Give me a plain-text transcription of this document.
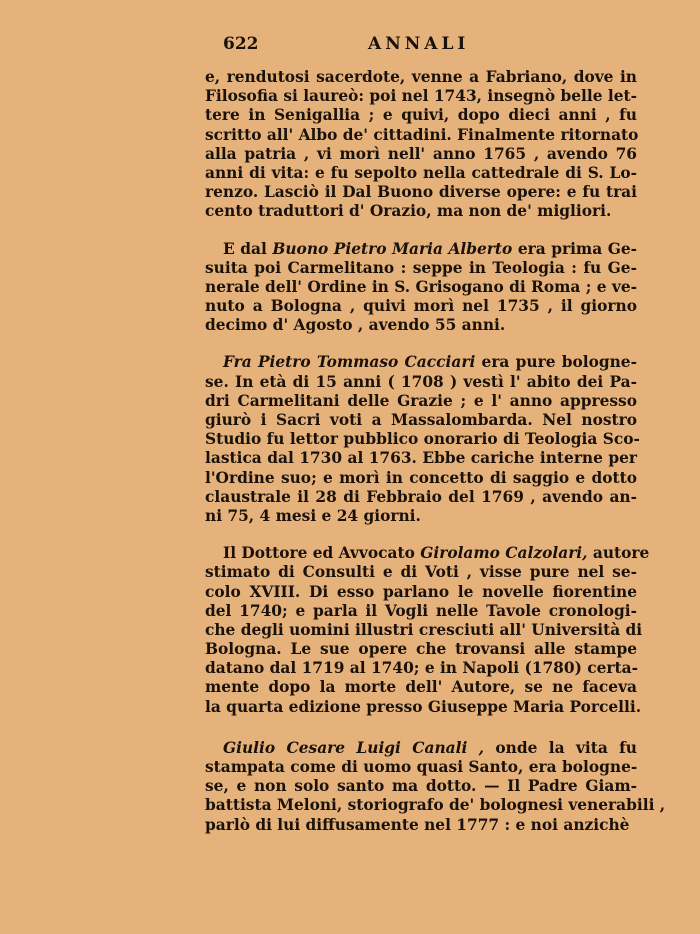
622	ANNALI
e, rendutosi sacerdote, venne a Fabriano, dove in
Filosofia si laureò: poi nel 1743, insegnò belle let-
tere in Senigallia ; e quivi, dopo dieci anni , fu
scritto all' Albo de' cittadini. Finalmente ritornato
alla patria , vi morì nell' anno 1765 , avendo 76
anni di vita: e fu sepolto nella cattedrale di S. Lo-
renzo. Lasciò il Dal Buono diverse opere: e fu trai
cento traduttori d' Orazio, ma non de' migliori.
E dal Buono Pietro Maria Alberto era prima Ge-
suita poi Carmelitano : seppe in Teologia : fu Ge-
nerale dell' Ordine in S. Grisogano di Roma ; e ve-
nuto a Bologna , quivi morì nel 1735 , il giorno
decimo d' Agosto , avendo 55 anni.
Fra Pietro Tommaso Cacciari era pure bologne-
se. In età di 15 anni ( 1708 ) vestì l' abito dei Pa-
dri Carmelitani delle Grazie ; e l' anno appresso
giurò i Sacri voti a Massalombarda. Nel nostro
Studio fu lettor pubblico onorario di Teologia Sco-
lastica dal 1730 al 1763. Ebbe cariche interne per
l'Ordine suo; e morì in concetto di saggio e dotto
claustrale il 28 di Febbraio del 1769 , avendo an-
ni 75, 4 mesi e 24 giorni.
Il Dottore ed Avvocato Girolamo Calzolari, autore
stimato di Consulti e di Voti , visse pure nel se-
colo XVIII. Di esso parlano le novelle fiorentine
del 1740; e parla il Vogli nelle Tavole cronologi-
che degli uomini illustri cresciuti all' Università di
Bologna. Le sue opere che trovansi alle stampe
datano dal 1719 al 1740; e in Napoli (1780) certa-
mente dopo la morte dell' Autore, se ne faceva
la quarta edizione presso Giuseppe Maria Porcelli.
Giulio Cesare Luigi Canali , onde la vita fu
stampata come di uomo quasi Santo, era bologne-
se, e non solo santo ma dotto. — Il Padre Giam-
battista Meloni, storiografo de' bolognesi venerabili ,
parlò di lui diffusamente nel 1777 : e noi anzichè
